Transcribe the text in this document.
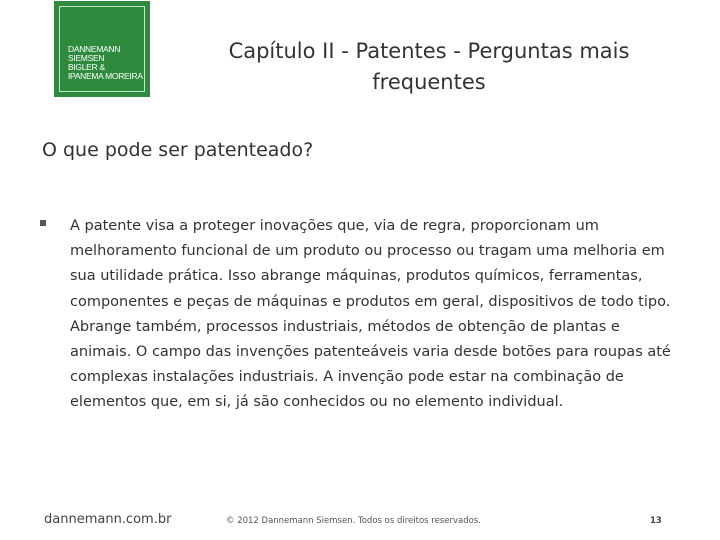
DANNEMANN
SIEMSEN
BIGLER &
IPANEMA MOREIRA
Capítulo II - Patentes - Perguntas mais
frequentes
O que pode ser patenteado?
A patente visa a proteger inovações que, via de regra, proporcionam um
melhoramento funcional de um produto ou processo ou tragam uma melhoria em
sua utilidade prática. Isso abrange máquinas, produtos químicos, ferramentas,
componentes e peças de máquinas e produtos em geral, dispositivos de todo tipo.
Abrange também, processos industriais, métodos de obtenção de plantas e
animais. O campo das invenções patenteáveis varia desde botões para roupas até
complexas instalações industriais. A invenção pode estar na combinação de
elementos que, em si, já são conhecidos ou no elemento individual.
dannemann.com.br	© 2012 Dannemann Siemsen. Todos os direitos reservados.	13
